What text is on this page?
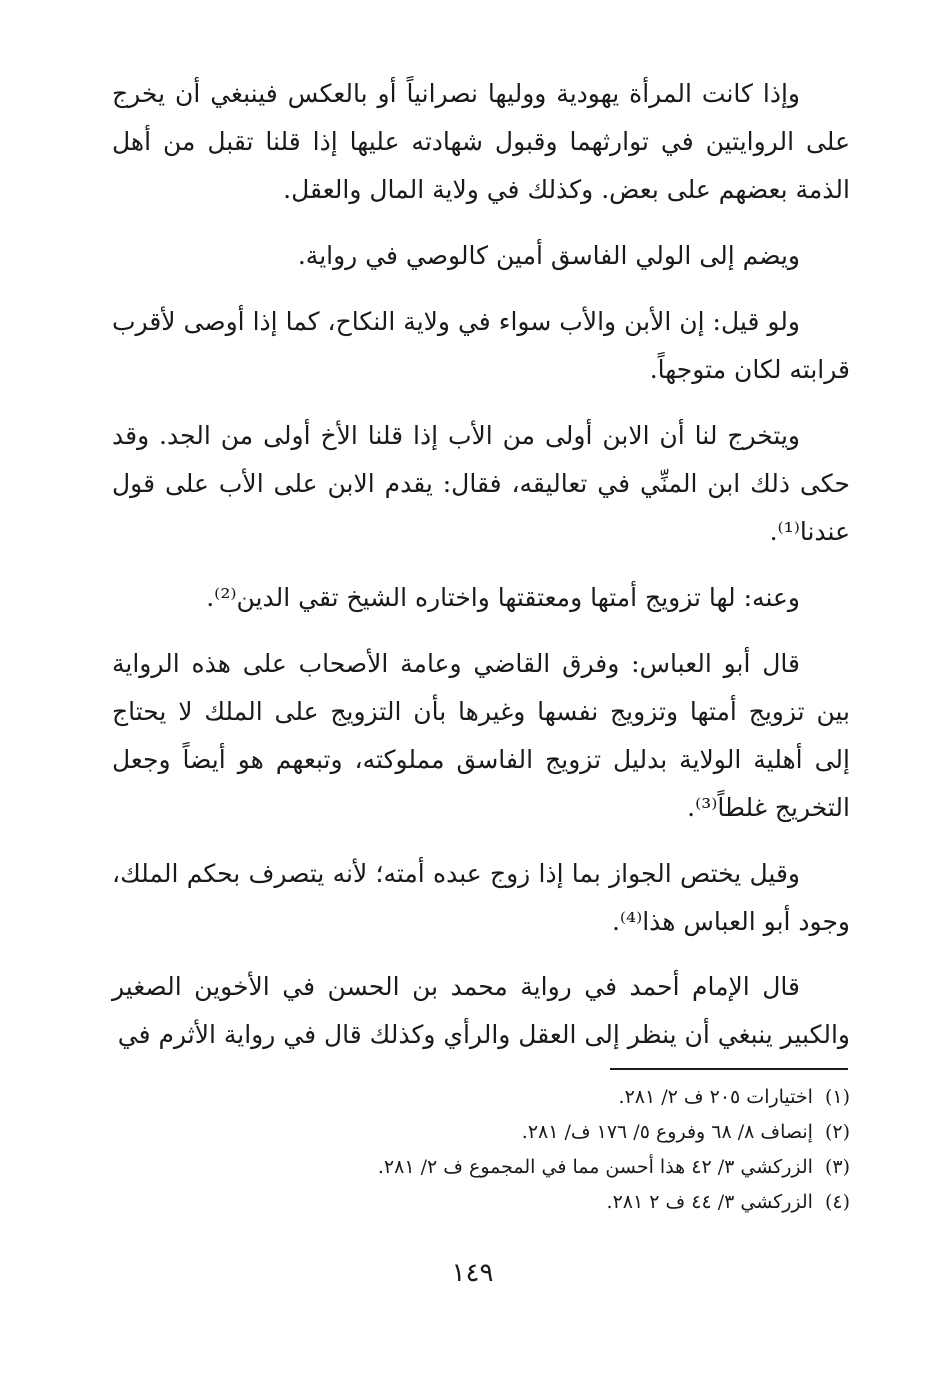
وإذا كانت المرأة يهودية ووليها نصرانياً أو بالعكس فينبغي أن يخرج على الروايتين في توارثهما وقبول شهادته عليها إذا قلنا تقبل من أهل الذمة بعضهم على بعض. وكذلك في ولاية المال والعقل.

ويضم إلى الولي الفاسق أمين كالوصي في رواية.

ولو قيل: إن الأبن والأب سواء في ولاية النكاح، كما إذا أوصى لأقرب قرابته لكان متوجهاً.

ويتخرج لنا أن الابن أولى من الأب إذا قلنا الأخ أولى من الجد. وقد حكى ذلك ابن المنِّي في تعاليقه، فقال: يقدم الابن على الأب على قول عندنا⁽¹⁾.

وعنه: لها تزويج أمتها ومعتقتها واختاره الشيخ تقي الدين⁽²⁾.

قال أبو العباس: وفرق القاضي وعامة الأصحاب على هذه الرواية بين تزويج أمتها وتزويج نفسها وغيرها بأن التزويج على الملك لا يحتاج إلى أهلية الولاية بدليل تزويج الفاسق مملوكته، وتبعهم هو أيضاً وجعل التخريج غلطاً⁽³⁾.

وقيل يختص الجواز بما إذا زوج عبده أمته؛ لأنه يتصرف بحكم الملك، وجود أبو العباس هذا⁽⁴⁾.

قال الإمام أحمد في رواية محمد بن الحسن في الأخوين الصغير والكبير ينبغي أن ينظر إلى العقل والرأي وكذلك قال في رواية الأثرم في

(١)اختيارات ٢٠٥ ف ٢/ ٢٨١.
(٢)إنصاف ٨/ ٦٨ وفروع ٥/ ١٧٦ ف/ ٢٨١.
(٣)الزركشي ٣/ ٤٢ هذا أحسن مما في المجموع ف ٢/ ٢٨١.
(٤)الزركشي ٣/ ٤٤ ف ٢ ٢٨١.
١٤٩
